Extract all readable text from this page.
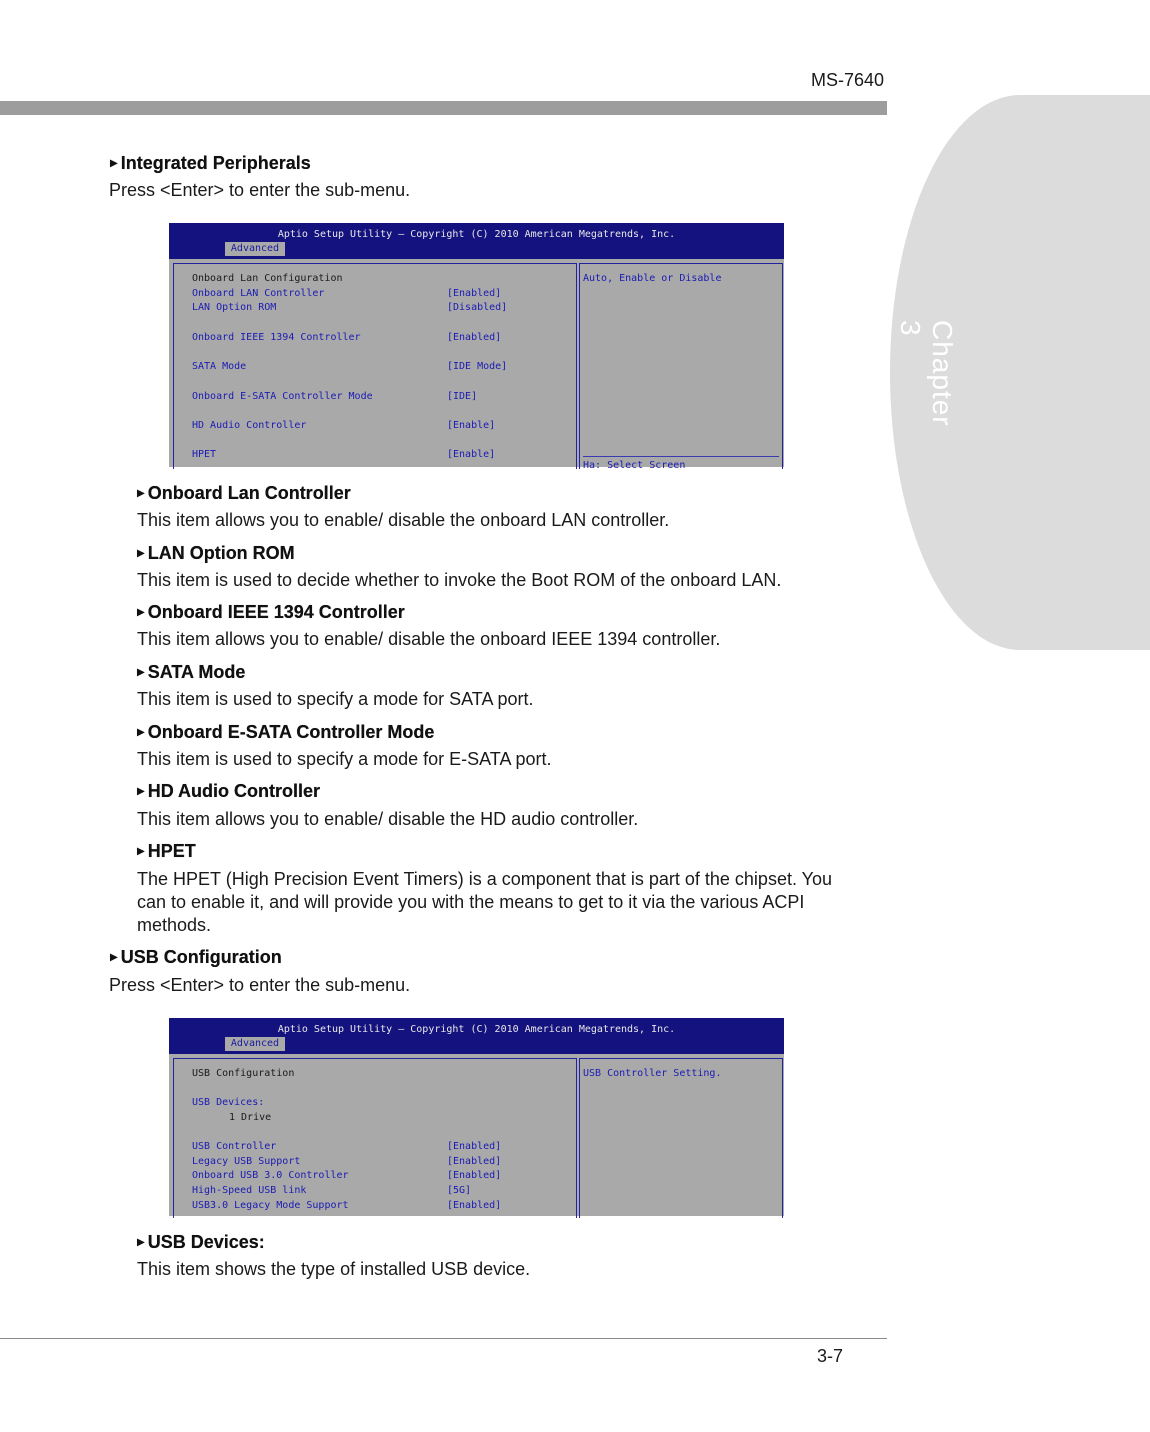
MS-7640
Chapter 3
▶ Integrated Peripherals
Press <Enter> to enter the sub-menu.
Aptio Setup Utility – Copyright (C) 2010 American Megatrends, Inc.
Advanced
Onboard Lan Configuration
Onboard LAN Controller	[Enabled]
LAN Option ROM	[Disabled]
Onboard IEEE 1394 Controller	[Enabled]
SATA Mode	[IDE Mode]
Onboard E-SATA Controller Mode	[IDE]
HD Audio Controller	[Enable]
HPET	[Enable]
Auto, Enable or Disable
Ha: Select Screen
▶ Onboard Lan Controller
This item allows you to enable/ disable the onboard LAN controller.
▶ LAN Option ROM
This item is used to decide whether to invoke the Boot ROM of the onboard LAN.
▶ Onboard IEEE 1394 Controller
This item allows you to enable/ disable the onboard IEEE 1394 controller.
▶ SATA Mode
This item is used to specify a mode for SATA port.
▶ Onboard E-SATA Controller Mode
This item is used to specify a mode for E-SATA port.
▶ HD Audio Controller
This item allows you to enable/ disable the HD audio controller.
▶ HPET
The HPET (High Precision Event Timers) is a component that is part of the chipset. You can to enable it, and will provide you with the means to get to it via the various ACPI methods.
▶ USB Configuration
Press <Enter> to enter the sub-menu.
Aptio Setup Utility – Copyright (C) 2010 American Megatrends, Inc.
Advanced
USB Configuration
USB Devices:
1 Drive
USB Controller	[Enabled]
Legacy USB Support	[Enabled]
Onboard USB 3.0 Controller	[Enabled]
High-Speed USB link	[5G]
USB3.0 Legacy Mode Support	[Enabled]
USB Controller Setting.
▶ USB Devices:
This item shows the type of installed USB device.
3-7
